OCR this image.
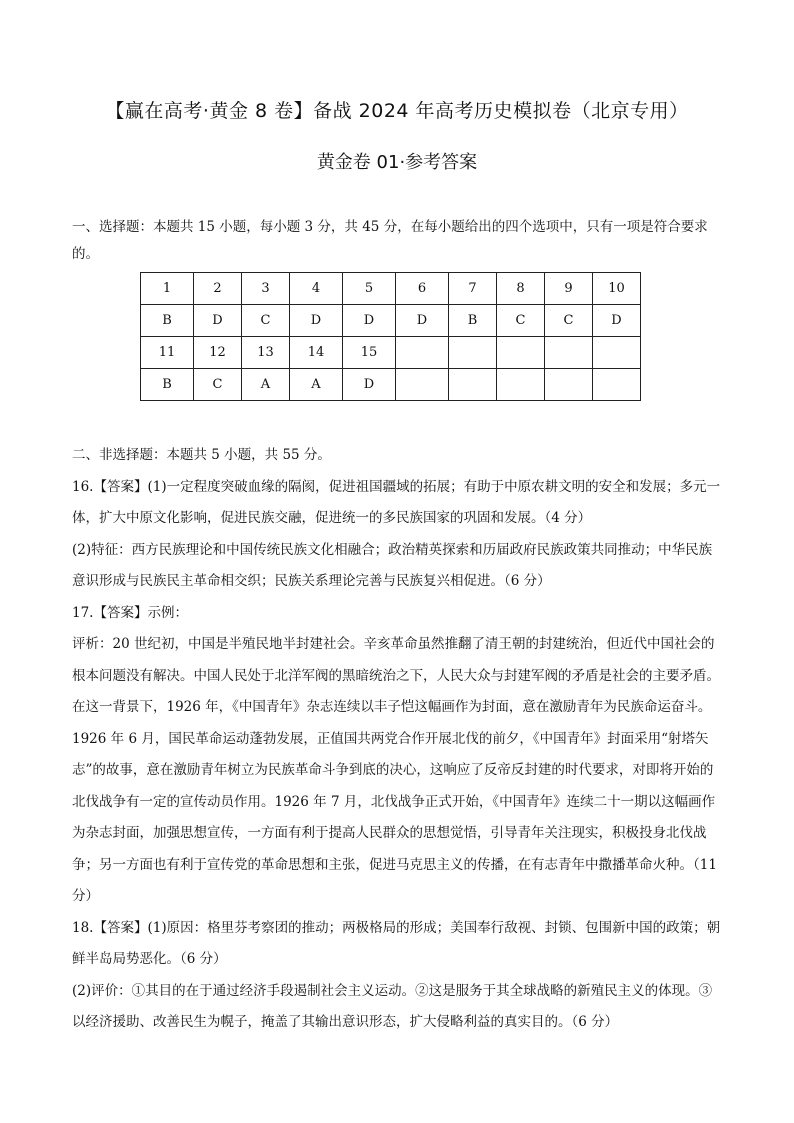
【赢在高考·黄金 8 卷】备战 2024 年高考历史模拟卷（北京专用）
黄金卷 01·参考答案
一、选择题：本题共 15 小题，每小题 3 分，共 45 分，在每小题给出的四个选项中，只有一项是符合要求的。
1	2	3	4	5	6	7	8	9	10
B	D	C	D	D	D	B	C	C	D
11	12	13	14	15					
B	C	A	A	D					

二、非选择题：本题共 5 小题，共 55 分。

16.【答案】(1)一定程度突破血缘的隔阂，促进祖国疆域的拓展；有助于中原农耕文明的安全和发展；多元一体，扩大中原文化影响，促进民族交融，促进统一的多民族国家的巩固和发展。（4 分）

(2)特征：西方民族理论和中国传统民族文化相融合；政治精英探索和历届政府民族政策共同推动；中华民族意识形成与民族民主革命相交织；民族关系理论完善与民族复兴相促进。（6 分）

17.【答案】示例：

评析：20 世纪初，中国是半殖民地半封建社会。辛亥革命虽然推翻了清王朝的封建统治，但近代中国社会的根本问题没有解决。中国人民处于北洋军阀的黑暗统治之下，人民大众与封建军阀的矛盾是社会的主要矛盾。在这一背景下，1926 年，《中国青年》杂志连续以丰子恺这幅画作为封面，意在激励青年为民族命运奋斗。1926 年 6 月，国民革命运动蓬勃发展，正值国共两党合作开展北伐的前夕，《中国青年》封面采用“射塔矢志”的故事，意在激励青年树立为民族革命斗争到底的决心，这响应了反帝反封建的时代要求，对即将开始的北伐战争有一定的宣传动员作用。1926 年 7 月，北伐战争正式开始，《中国青年》连续二十一期以这幅画作为杂志封面，加强思想宣传，一方面有利于提高人民群众的思想觉悟，引导青年关注现实，积极投身北伐战争；另一方面也有利于宣传党的革命思想和主张，促进马克思主义的传播，在有志青年中撒播革命火种。（11 分）

18.【答案】(1)原因：格里芬考察团的推动；两极格局的形成；美国奉行敌视、封锁、包围新中国的政策；朝鲜半岛局势恶化。（6 分）

(2)评价：①其目的在于通过经济手段遏制社会主义运动。②这是服务于其全球战略的新殖民主义的体现。③以经济援助、改善民生为幌子，掩盖了其输出意识形态，扩大侵略利益的真实目的。（6 分）
